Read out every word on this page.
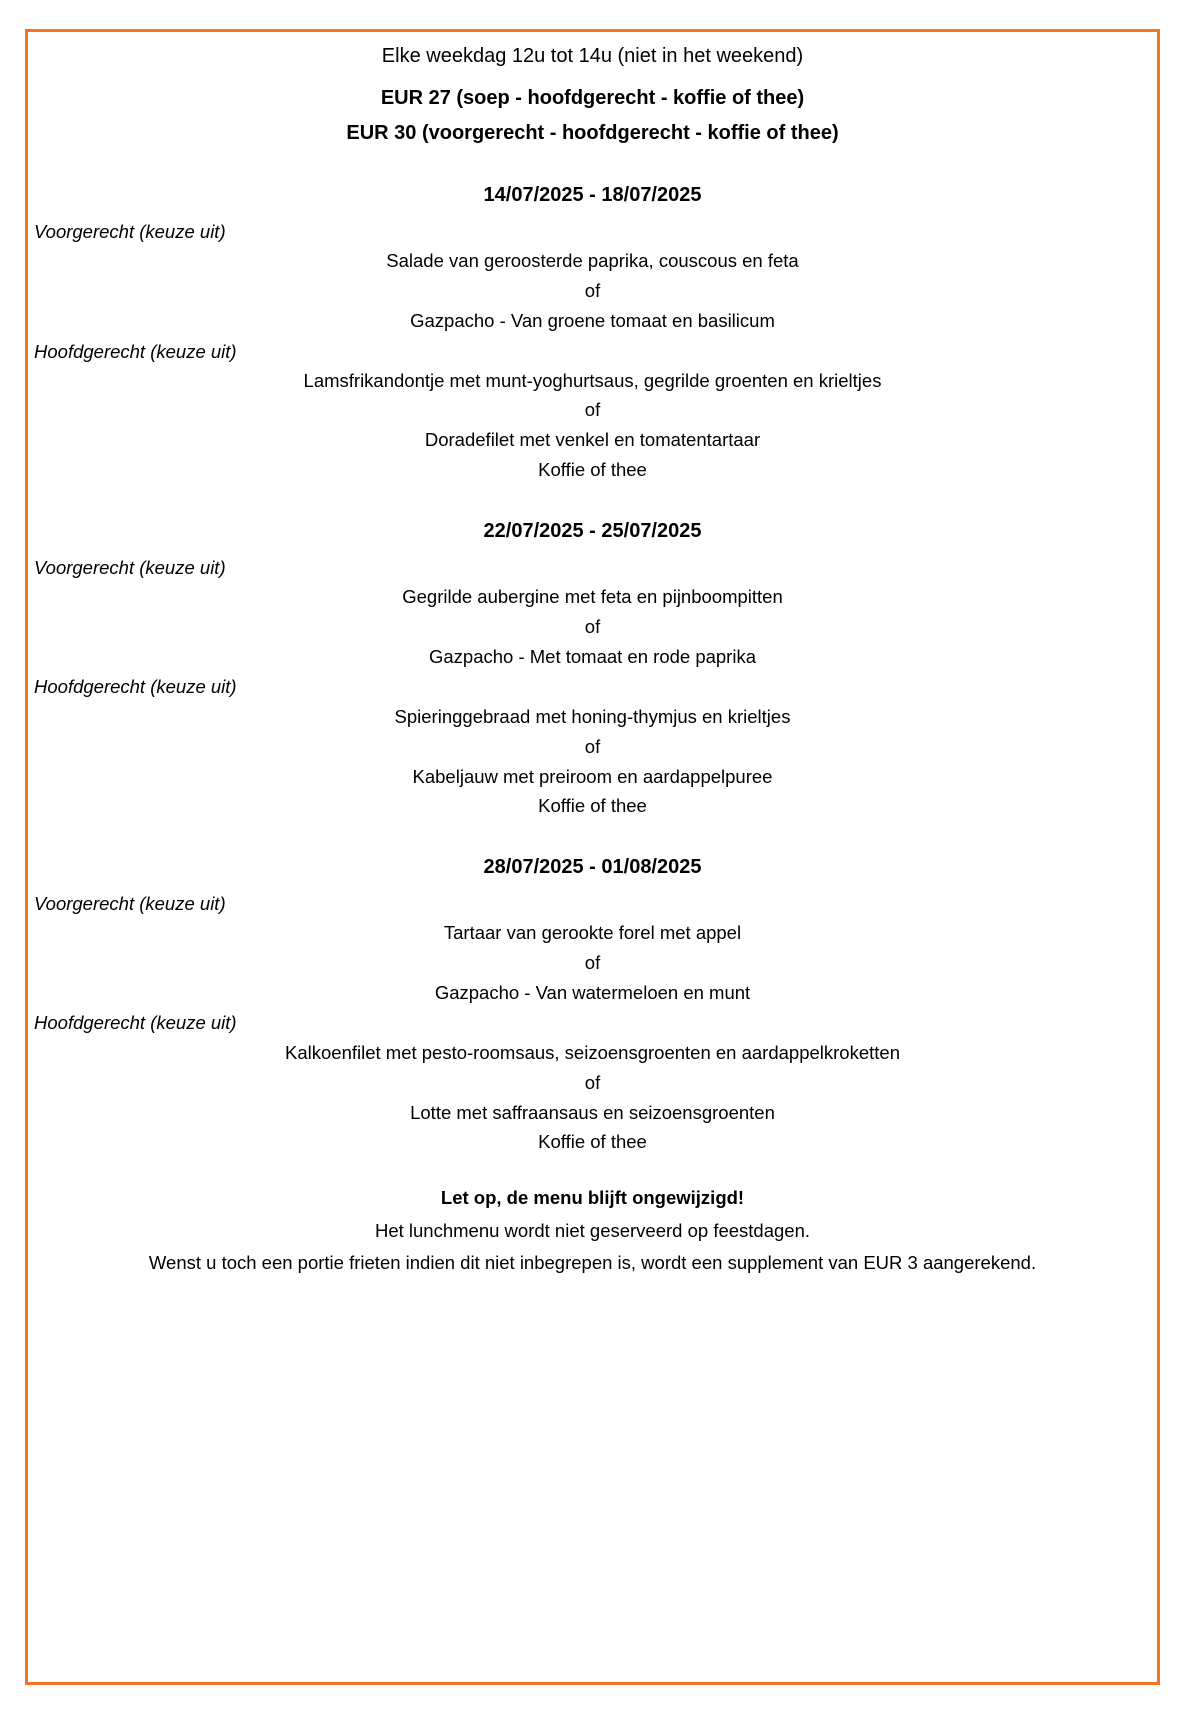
Elke weekdag 12u tot 14u (niet in het weekend)
EUR 27 (soep - hoofdgerecht - koffie of thee)
EUR 30 (voorgerecht - hoofdgerecht - koffie of thee)
14/07/2025 - 18/07/2025
Voorgerecht (keuze uit)
Salade van geroosterde paprika, couscous en feta
of
Gazpacho - Van groene tomaat en basilicum
Hoofdgerecht (keuze uit)
Lamsfrikandontje met munt-yoghurtsaus, gegrilde groenten en krieltjes
of
Doradefilet met venkel en tomatentartaar
Koffie of thee
22/07/2025 - 25/07/2025
Voorgerecht (keuze uit)
Gegrilde aubergine met feta en pijnboompitten
of
Gazpacho - Met tomaat en rode paprika
Hoofdgerecht (keuze uit)
Spieringgebraad met honing-thymjus en krieltjes
of
Kabeljauw met preiroom en aardappelpuree
Koffie of thee
28/07/2025 - 01/08/2025
Voorgerecht (keuze uit)
Tartaar van gerookte forel met appel
of
Gazpacho - Van watermeloen en munt
Hoofdgerecht (keuze uit)
Kalkoenfilet met pesto-roomsaus, seizoensgroenten en aardappelkroketten
of
Lotte met saffraansaus en seizoensgroenten
Koffie of thee
Let op, de menu blijft ongewijzigd!
Het lunchmenu wordt niet geserveerd op feestdagen.
Wenst u toch een portie frieten indien dit niet inbegrepen is, wordt een supplement van EUR 3 aangerekend.
